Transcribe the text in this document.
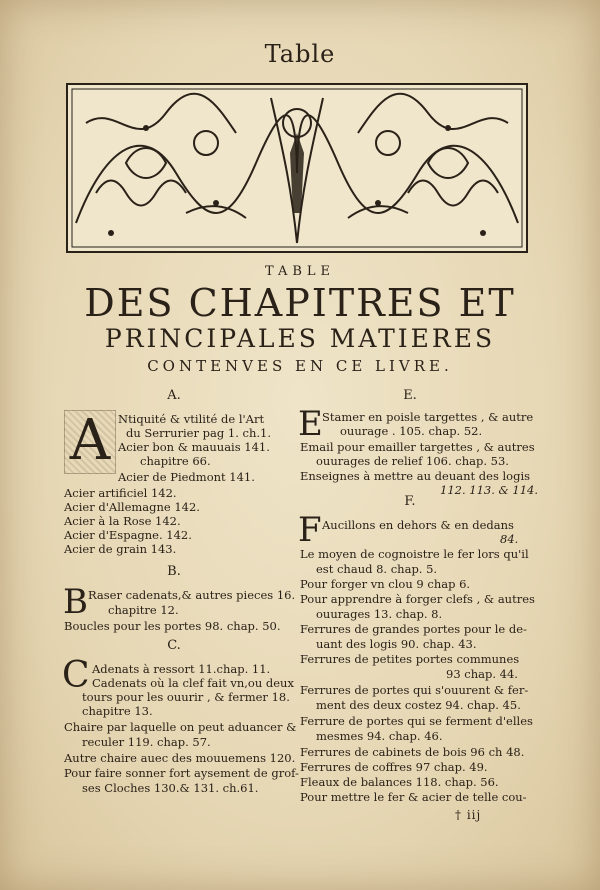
Table
TABLE
DES CHAPITRES ET
PRINCIPALES MATIERES
CONTENVES EN CE LIVRE.
A.
A Ntiquité & vtilité de l'Art
du Serrurier pag 1. ch.1.
Acier bon & mauuais 141.
chapitre 66.
Acier de Piedmont 141.
Acier artificiel 142.
Acier d'Allemagne 142.
Acier à la Rose 142.
Acier d'Espagne. 142.
Acier de grain 143.
B.
B Raser cadenats,& autres pieces 16.
chapitre 12.
Boucles pour les portes 98. chap. 50.
C.
C Adenats à ressort 11.chap. 11.
Cadenats où la clef fait vn,ou deux
tours pour les ouurir , & fermer 18.
chapitre 13.
Chaire par laquelle on peut aduancer &
reculer 119. chap. 57.
Autre chaire auec des mouuemens 120.
Pour faire sonner fort aysement de grof-
ses Cloches 130.& 131. ch.61.
E.
E Stamer en poisle targettes , & autre
ouurage . 105. chap. 52.
Email pour emailler targettes , & autres
ouurages de relief 106. chap. 53.
Enseignes à mettre au deuant des logis
112. 113. & 114.
F.
F Aucillons en dehors & en dedans
84.
Le moyen de cognoistre le fer lors qu'il
est chaud 8. chap. 5.
Pour forger vn clou 9 chap 6.
Pour apprendre à forger clefs , & autres
ouurages 13. chap. 8.
Ferrures de grandes portes pour le de-
uant des logis 90. chap. 43.
Ferrures de petites portes communes
93 chap. 44.
Ferrures de portes qui s'ouurent & fer-
ment des deux costez 94. chap. 45.
Ferrure de portes qui se ferment d'elles
mesmes 94. chap. 46.
Ferrures de cabinets de bois 96 ch 48.
Ferrures de coffres 97 chap. 49.
Fleaux de balances 118. chap. 56.
Pour mettre le fer & acier de telle cou-
† iij
